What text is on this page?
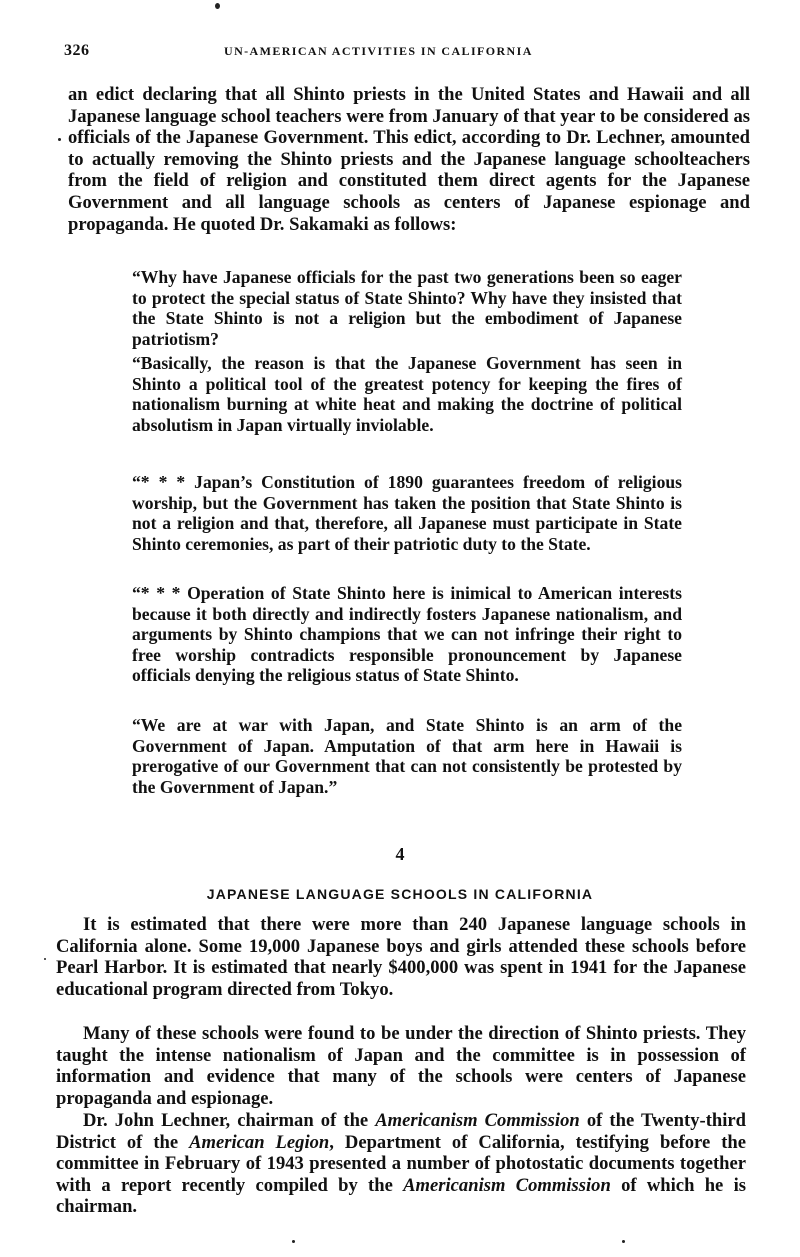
326	UN-AMERICAN ACTIVITIES IN CALIFORNIA

an edict declaring that all Shinto priests in the United States and Hawaii and all Japanese language school teachers were from January of that year to be considered as officials of the Japanese Government. This edict, according to Dr. Lechner, amounted to actually removing the Shinto priests and the Japanese language schoolteachers from the field of religion and constituted them direct agents for the Japanese Government and all language schools as centers of Japanese espionage and propaganda. He quoted Dr. Sakamaki as follows:

“Why have Japanese officials for the past two generations been so eager to protect the special status of State Shinto? Why have they insisted that the State Shinto is not a religion but the embodiment of Japanese patriotism?

“Basically, the reason is that the Japanese Government has seen in Shinto a political tool of the greatest potency for keeping the fires of nationalism burning at white heat and making the doctrine of political absolutism in Japan virtually inviolable.

“* * * Japan’s Constitution of 1890 guarantees freedom of religious worship, but the Government has taken the position that State Shinto is not a religion and that, therefore, all Japanese must participate in State Shinto ceremonies, as part of their patriotic duty to the State.

“* * * Operation of State Shinto here is inimical to American interests because it both directly and indirectly fosters Japanese nationalism, and arguments by Shinto champions that we can not infringe their right to free worship contradicts responsible pronouncement by Japanese officials denying the religious status of State Shinto.

“We are at war with Japan, and State Shinto is an arm of the Government of Japan. Amputation of that arm here in Hawaii is prerogative of our Government that can not consistently be protested by the Government of Japan.”

4
JAPANESE LANGUAGE SCHOOLS IN CALIFORNIA

It is estimated that there were more than 240 Japanese language schools in California alone. Some 19,000 Japanese boys and girls attended these schools before Pearl Harbor. It is estimated that nearly $400,000 was spent in 1941 for the Japanese educational program directed from Tokyo.

Many of these schools were found to be under the direction of Shinto priests. They taught the intense nationalism of Japan and the committee is in possession of information and evidence that many of the schools were centers of Japanese propaganda and espionage.

Dr. John Lechner, chairman of the Americanism Commission of the Twenty-third District of the American Legion, Department of California, testifying before the committee in February of 1943 presented a number of photostatic documents together with a report recently compiled by the Americanism Commission of which he is chairman.
